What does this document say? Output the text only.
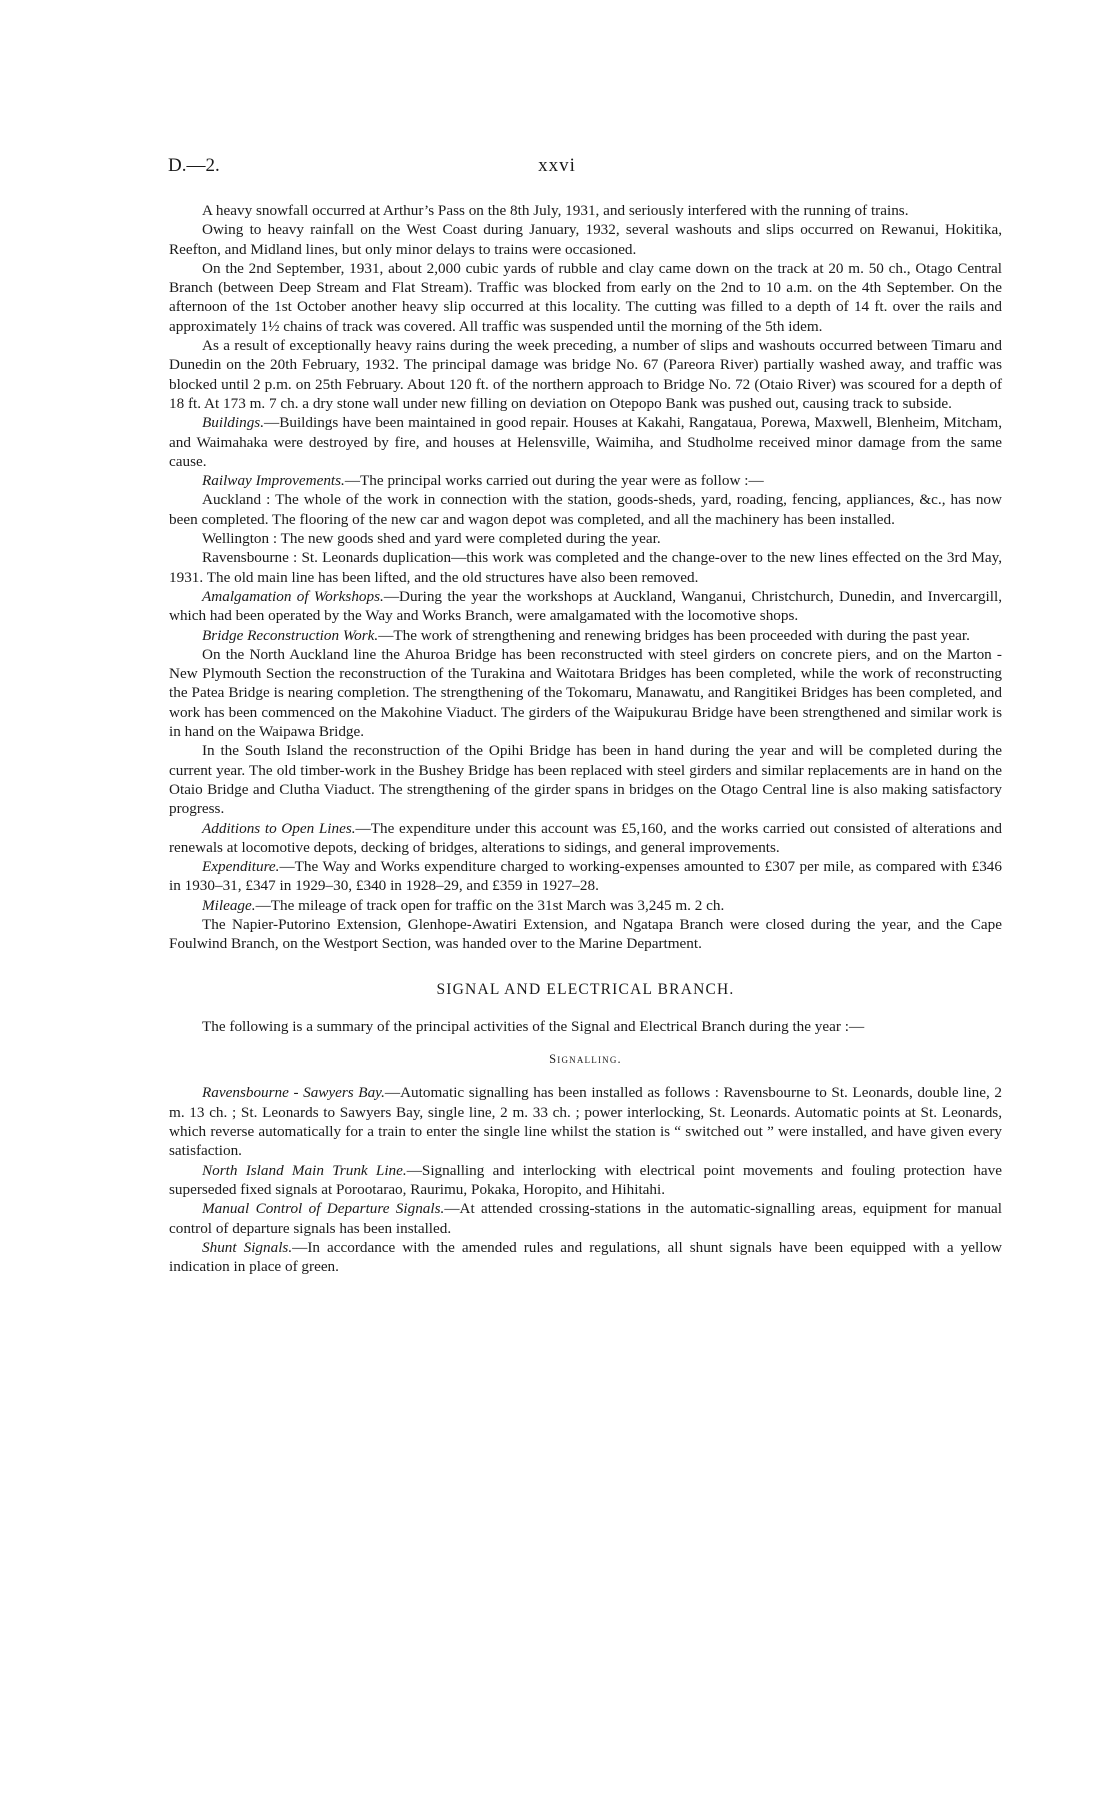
D.—2.	xxvi

A heavy snowfall occurred at Arthur’s Pass on the 8th July, 1931, and seriously interfered with the running of trains.

Owing to heavy rainfall on the West Coast during January, 1932, several washouts and slips occurred on Rewanui, Hokitika, Reefton, and Midland lines, but only minor delays to trains were occasioned.

On the 2nd September, 1931, about 2,000 cubic yards of rubble and clay came down on the track at 20 m. 50 ch., Otago Central Branch (between Deep Stream and Flat Stream). Traffic was blocked from early on the 2nd to 10 a.m. on the 4th September. On the afternoon of the 1st October another heavy slip occurred at this locality. The cutting was filled to a depth of 14 ft. over the rails and approximately 1½ chains of track was covered. All traffic was suspended until the morning of the 5th idem.

As a result of exceptionally heavy rains during the week preceding, a number of slips and washouts occurred between Timaru and Dunedin on the 20th February, 1932. The principal damage was bridge No. 67 (Pareora River) partially washed away, and traffic was blocked until 2 p.m. on 25th February. About 120 ft. of the northern approach to Bridge No. 72 (Otaio River) was scoured for a depth of 18 ft. At 173 m. 7 ch. a dry stone wall under new filling on deviation on Otepopo Bank was pushed out, causing track to subside.

Buildings.—Buildings have been maintained in good repair. Houses at Kakahi, Rangataua, Porewa, Maxwell, Blenheim, Mitcham, and Waimahaka were destroyed by fire, and houses at Helensville, Waimiha, and Studholme received minor damage from the same cause.

Railway Improvements.—The principal works carried out during the year were as follow :—

Auckland : The whole of the work in connection with the station, goods-sheds, yard, roading, fencing, appliances, &c., has now been completed. The flooring of the new car and wagon depot was completed, and all the machinery has been installed.

Wellington : The new goods shed and yard were completed during the year.

Ravensbourne : St. Leonards duplication—this work was completed and the change-over to the new lines effected on the 3rd May, 1931. The old main line has been lifted, and the old structures have also been removed.

Amalgamation of Workshops.—During the year the workshops at Auckland, Wanganui, Christchurch, Dunedin, and Invercargill, which had been operated by the Way and Works Branch, were amalgamated with the locomotive shops.

Bridge Reconstruction Work.—The work of strengthening and renewing bridges has been proceeded with during the past year.

On the North Auckland line the Ahuroa Bridge has been reconstructed with steel girders on concrete piers, and on the Marton - New Plymouth Section the reconstruction of the Turakina and Waitotara Bridges has been completed, while the work of reconstructing the Patea Bridge is nearing completion. The strengthening of the Tokomaru, Manawatu, and Rangitikei Bridges has been completed, and work has been commenced on the Makohine Viaduct. The girders of the Waipukurau Bridge have been strengthened and similar work is in hand on the Waipawa Bridge.

In the South Island the reconstruction of the Opihi Bridge has been in hand during the year and will be completed during the current year. The old timber-work in the Bushey Bridge has been replaced with steel girders and similar replacements are in hand on the Otaio Bridge and Clutha Viaduct. The strengthening of the girder spans in bridges on the Otago Central line is also making satisfactory progress.

Additions to Open Lines.—The expenditure under this account was £5,160, and the works carried out consisted of alterations and renewals at locomotive depots, decking of bridges, alterations to sidings, and general improvements.

Expenditure.—The Way and Works expenditure charged to working-expenses amounted to £307 per mile, as compared with £346 in 1930–31, £347 in 1929–30, £340 in 1928–29, and £359 in 1927–28.

Mileage.—The mileage of track open for traffic on the 31st March was 3,245 m. 2 ch.

The Napier-Putorino Extension, Glenhope-Awatiri Extension, and Ngatapa Branch were closed during the year, and the Cape Foulwind Branch, on the Westport Section, was handed over to the Marine Department.

SIGNAL AND ELECTRICAL BRANCH.

The following is a summary of the principal activities of the Signal and Electrical Branch during the year :—

Signalling.

Ravensbourne - Sawyers Bay.—Automatic signalling has been installed as follows : Ravensbourne to St. Leonards, double line, 2 m. 13 ch. ; St. Leonards to Sawyers Bay, single line, 2 m. 33 ch. ; power interlocking, St. Leonards. Automatic points at St. Leonards, which reverse automatically for a train to enter the single line whilst the station is “ switched out ” were installed, and have given every satisfaction.

North Island Main Trunk Line.—Signalling and interlocking with electrical point movements and fouling protection have superseded fixed signals at Porootarao, Raurimu, Pokaka, Horopito, and Hihitahi.

Manual Control of Departure Signals.—At attended crossing-stations in the automatic-signalling areas, equipment for manual control of departure signals has been installed.

Shunt Signals.—In accordance with the amended rules and regulations, all shunt signals have been equipped with a yellow indication in place of green.
